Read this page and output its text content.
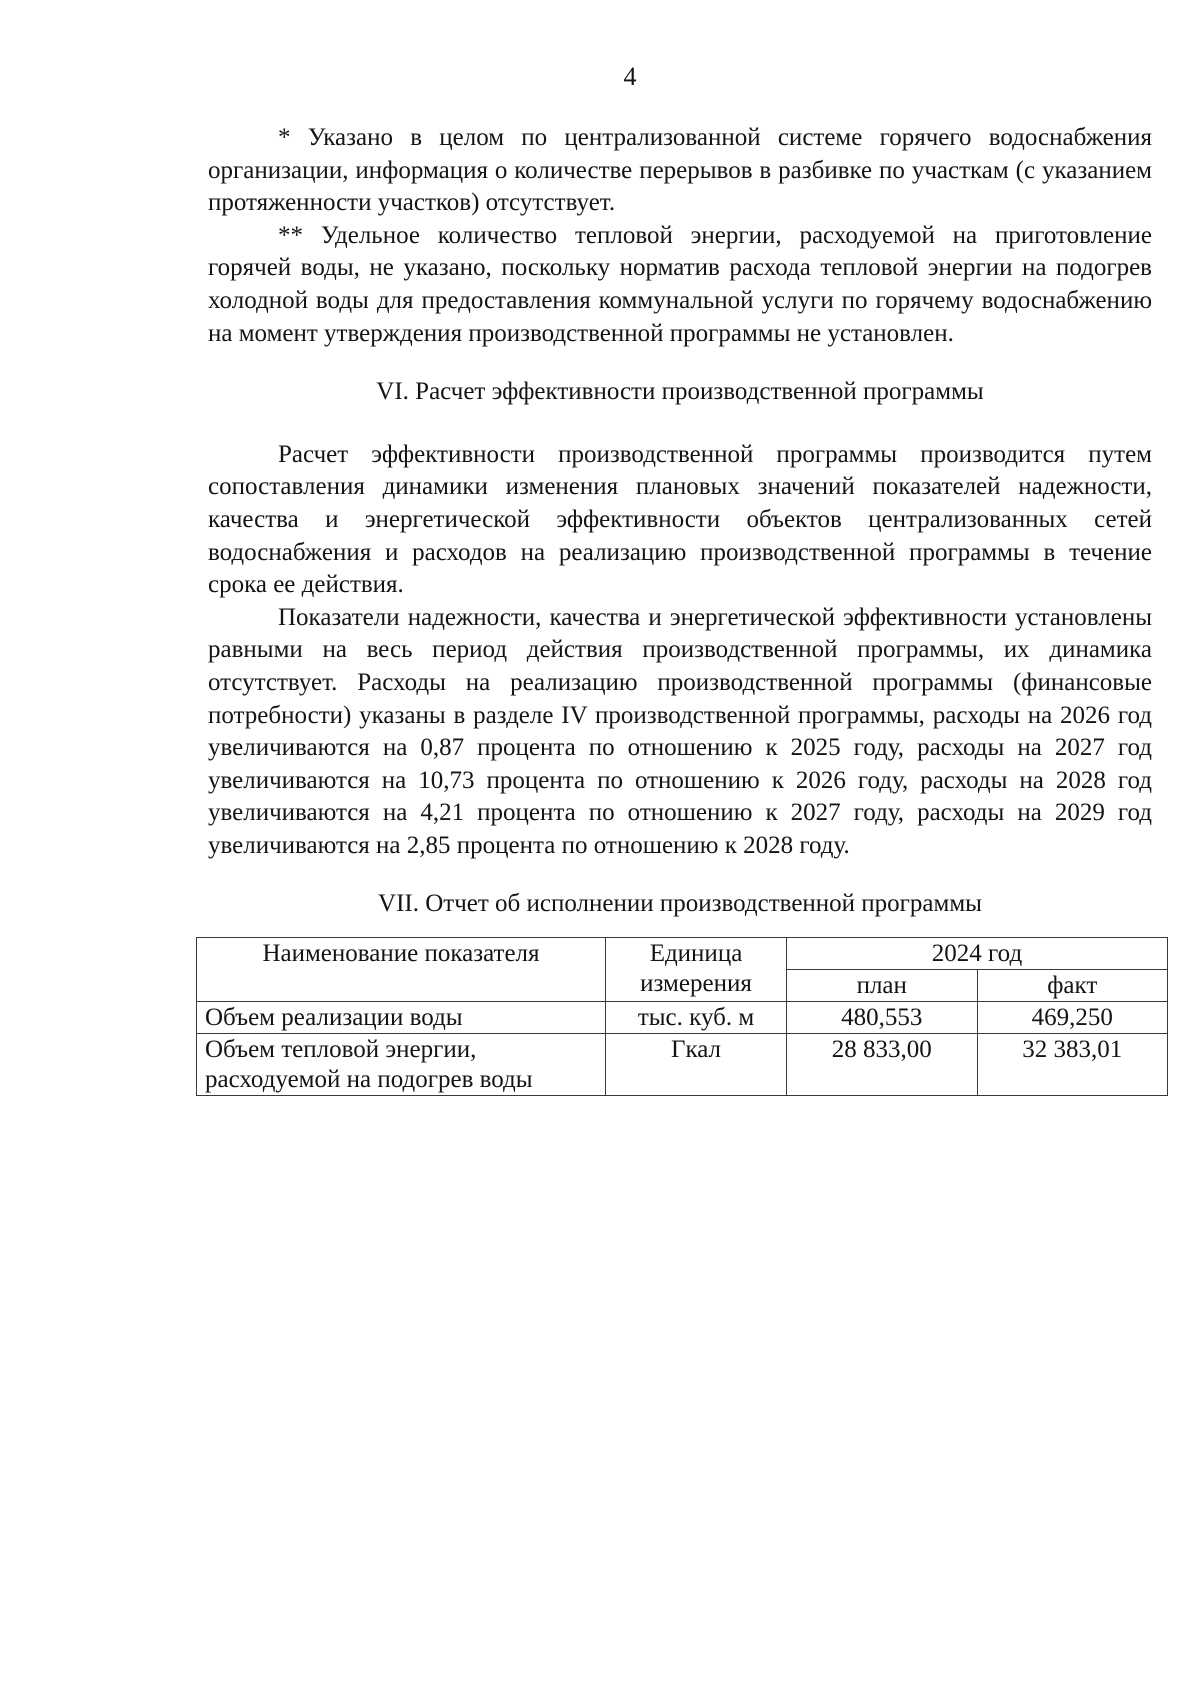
4

* Указано в целом по централизованной системе горячего водоснабжения организации, информация о количестве перерывов в разбивке по участкам (с указанием протяженности участков) отсутствует.

** Удельное количество тепловой энергии, расходуемой на приготовление горячей воды, не указано, поскольку норматив расхода тепловой энергии на подогрев холодной воды для предоставления коммунальной услуги по горячему водоснабжению на момент утверждения производственной программы не установлен.

VI. Расчет эффективности производственной программы

Расчет эффективности производственной программы производится путем сопоставления динамики изменения плановых значений показателей надежности, качества и энергетической эффективности объектов централизованных сетей водоснабжения и расходов на реализацию производственной программы в течение срока ее действия.

Показатели надежности, качества и энергетической эффективности установлены равными на весь период действия производственной программы, их динамика отсутствует. Расходы на реализацию производственной программы (финансовые потребности) указаны в разделе IV производственной программы, расходы на 2026 год увеличиваются на 0,87 процента по отношению к 2025 году, расходы на 2027 год увеличиваются на 10,73 процента по отношению к 2026 году, расходы на 2028 год увеличиваются на 4,21 процента по отношению к 2027 году, расходы на 2029 год увеличиваются на 2,85 процента по отношению к 2028 году.

VII. Отчет об исполнении производственной программы
Наименование показателя	Единица измерения	2024 год	
		план	факт
Объем реализации воды	тыс. куб. м	480,553	469,250
Объем тепловой энергии, расходуемой на подогрев воды	Гкал	28 833,00	32 383,01
